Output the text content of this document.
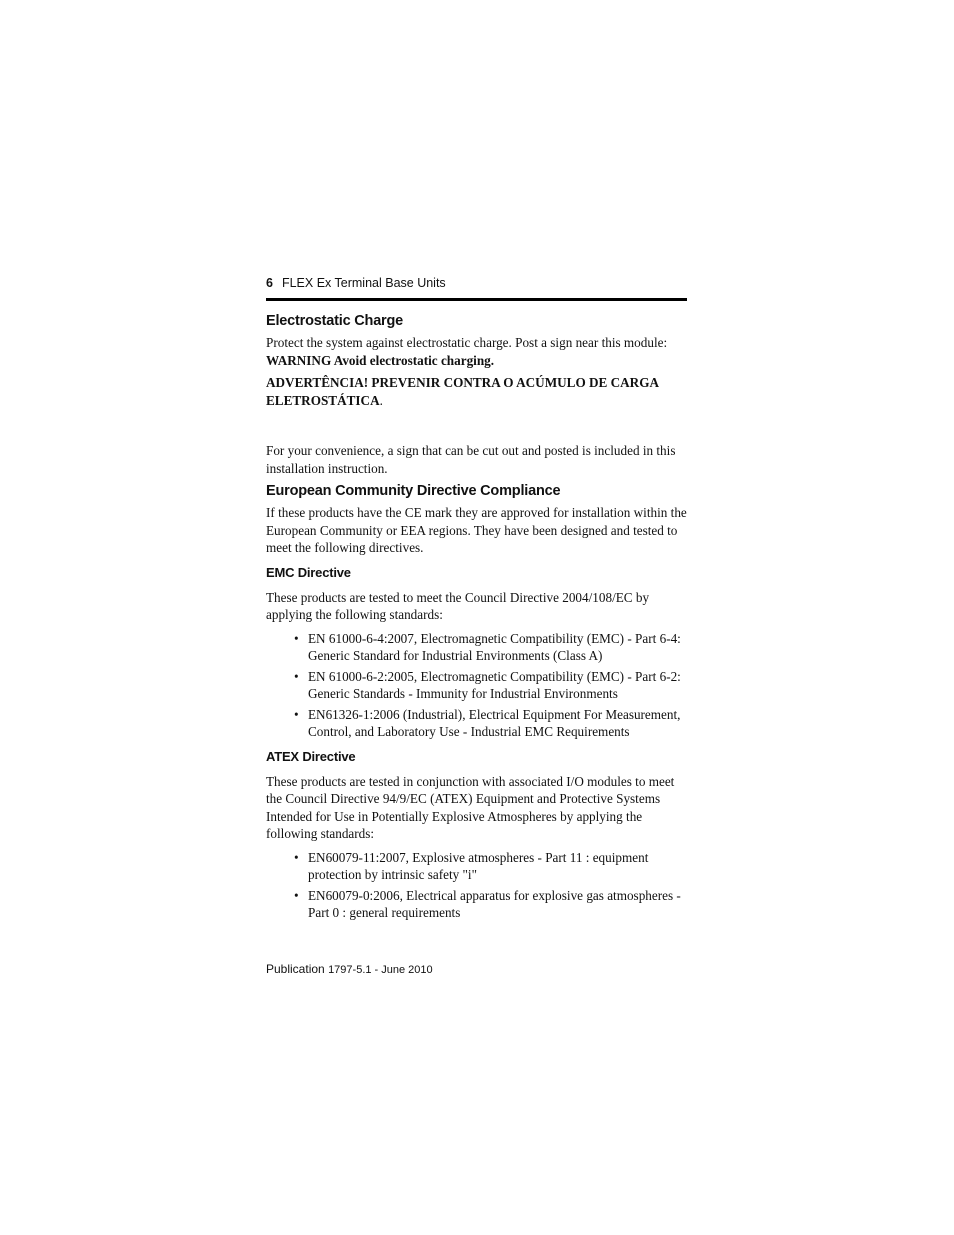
6 FLEX Ex Terminal Base Units
Electrostatic Charge

Protect the system against electrostatic charge. Post a sign near this module:
WARNING Avoid electrostatic charging.

ADVERTÊNCIA! PREVENIR CONTRA O ACÚMULO DE CARGA ELETROSTÁTICA.

For your convenience, a sign that can be cut out and posted is included in this installation instruction.

European Community Directive Compliance

If these products have the CE mark they are approved for installation within the European Community or EEA regions. They have been designed and tested to meet the following directives.

EMC Directive

These products are tested to meet the Council Directive 2004/108/EC by applying the following standards:

• EN 61000-6-4:2007, Electromagnetic Compatibility (EMC) - Part 6-4: Generic Standard for Industrial Environments (Class A)
• EN 61000-6-2:2005, Electromagnetic Compatibility (EMC) - Part 6-2: Generic Standards - Immunity for Industrial Environments
• EN61326-1:2006 (Industrial), Electrical Equipment For Measurement, Control, and Laboratory Use - Industrial EMC Requirements
ATEX Directive

These products are tested in conjunction with associated I/O modules to meet the Council Directive 94/9/EC (ATEX) Equipment and Protective Systems Intended for Use in Potentially Explosive Atmospheres by applying the following standards:

• EN60079-11:2007, Explosive atmospheres - Part 11 : equipment protection by intrinsic safety "i"
• EN60079-0:2006, Electrical apparatus for explosive gas atmospheres - Part 0 : general requirements
Publication 1797-5.1 - June 2010
